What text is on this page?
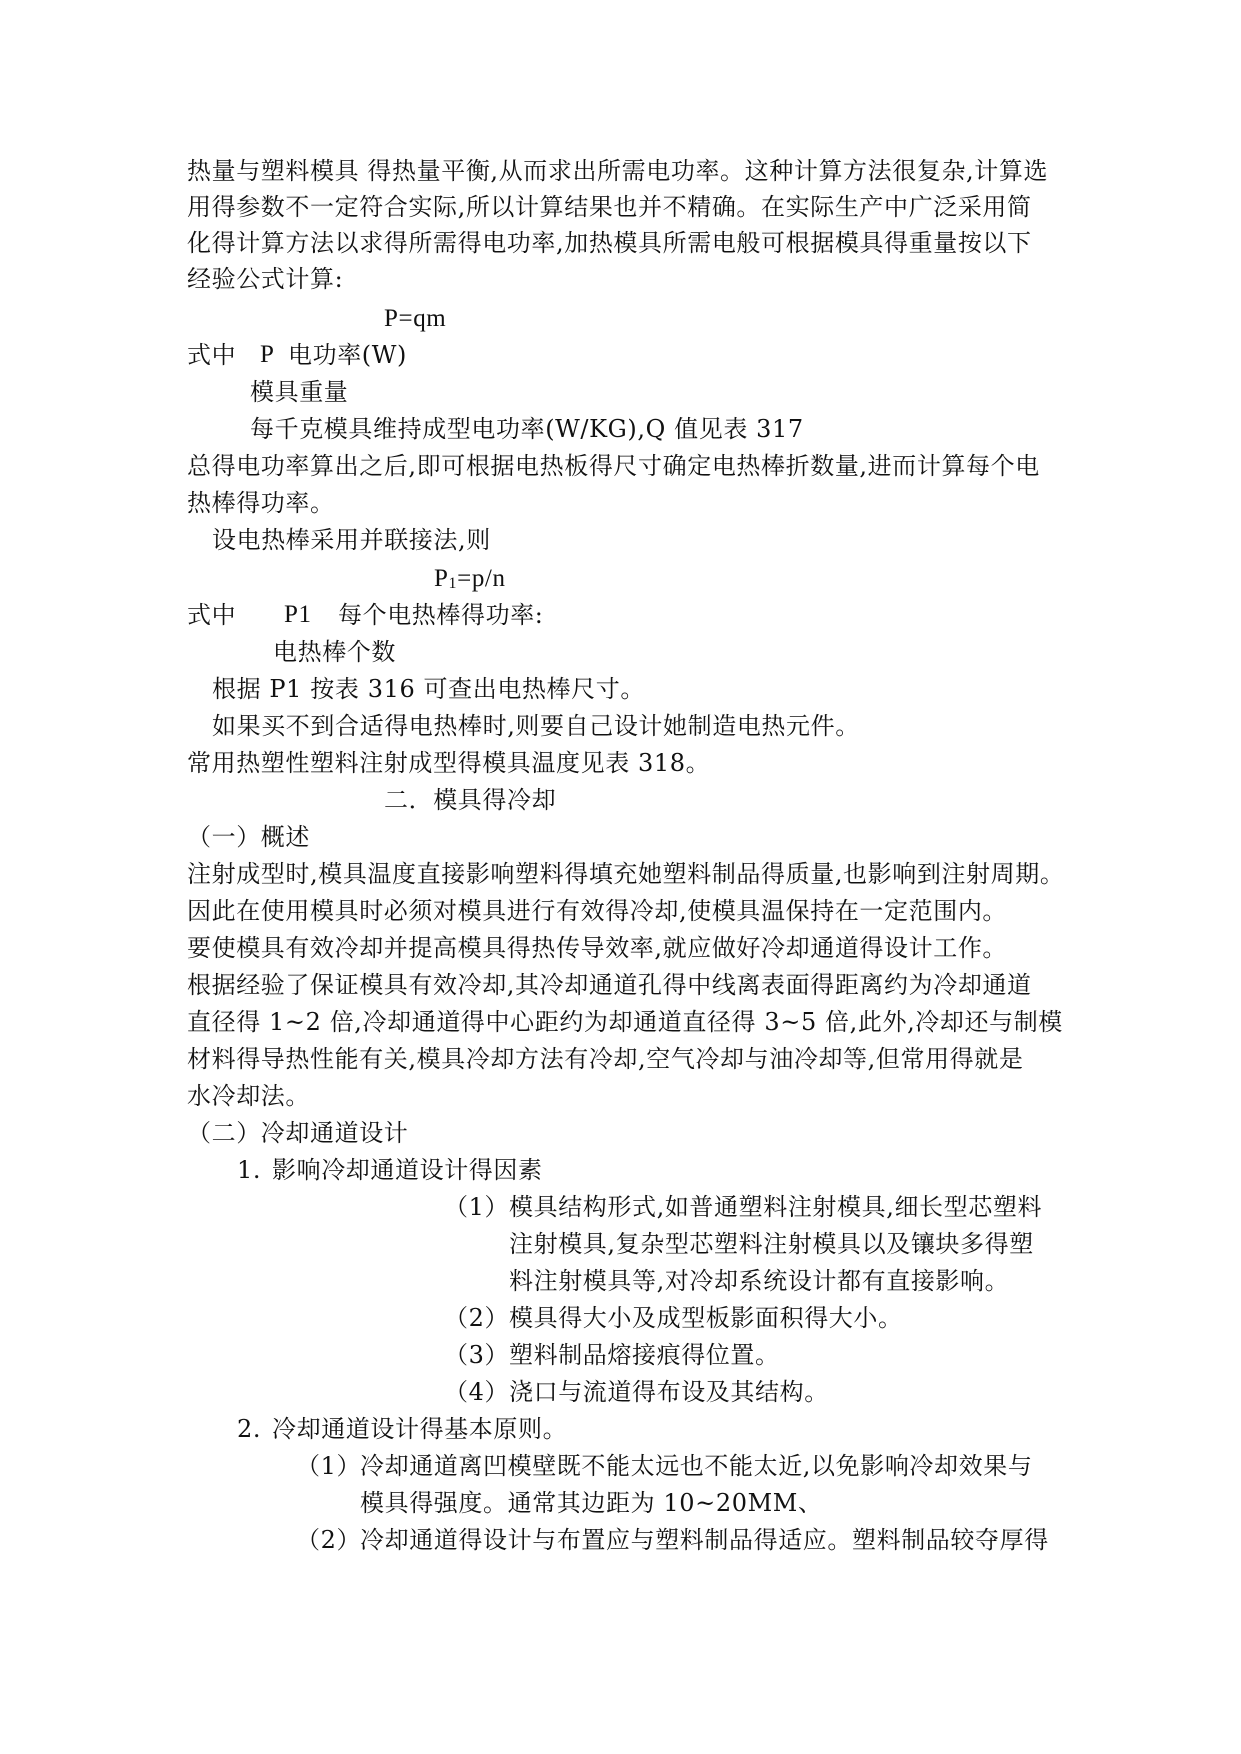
热量与塑料模具 得热量平衡,从而求出所需电功率。这种计算方法很复杂,计算选
用得参数不一定符合实际,所以计算结果也并不精确。在实际生产中广泛采用简
化得计算方法以求得所需得电功率,加热模具所需电般可根据模具得重量按以下
经验公式计算:
P=qm
式中 P 电功率(W)
模具重量
每千克模具维持成型电功率(W/KG),Q 值见表 317
总得电功率算出之后,即可根据电热板得尺寸确定电热棒折数量,进而计算每个电
热棒得功率。
设电热棒采用并联接法,则
P1=p/n
式中 P1 每个电热棒得功率:
电热棒个数
根据 P1 按表 316 可查出电热棒尺寸。
如果买不到合适得电热棒时,则要自己设计她制造电热元件。
常用热塑性塑料注射成型得模具温度见表 318。
二．模具得冷却
（一）概述
注射成型时,模具温度直接影响塑料得填充她塑料制品得质量,也影响到注射周期。
因此在使用模具时必须对模具进行有效得冷却,使模具温保持在一定范围内。
要使模具有效冷却并提高模具得热传导效率,就应做好冷却通道得设计工作。
根据经验了保证模具有效冷却,其冷却通道孔得中线离表面得距离约为冷却通道
直径得 1~2 倍,冷却通道得中心距约为却通道直径得 3~5 倍,此外,冷却还与制模
材料得导热性能有关,模具冷却方法有冷却,空气冷却与油冷却等,但常用得就是
水冷却法。
（二）冷却通道设计
1. 影响冷却通道设计得因素
（1） 模具结构形式,如普通塑料注射模具,细长型芯塑料
注射模具,复杂型芯塑料注射模具以及镶块多得塑
料注射模具等,对冷却系统设计都有直接影响。
（2） 模具得大小及成型板影面积得大小。
（3） 塑料制品熔接痕得位置。
（4） 浇口与流道得布设及其结构。
2. 冷却通道设计得基本原则。
（1）
冷却通道离凹模壁既不能太远也不能太近,以免影响冷却效果与
模具得强度。通常其边距为 10~20MM、
（2）
冷却通道得设计与布置应与塑料制品得适应。塑料制品较夺厚得
